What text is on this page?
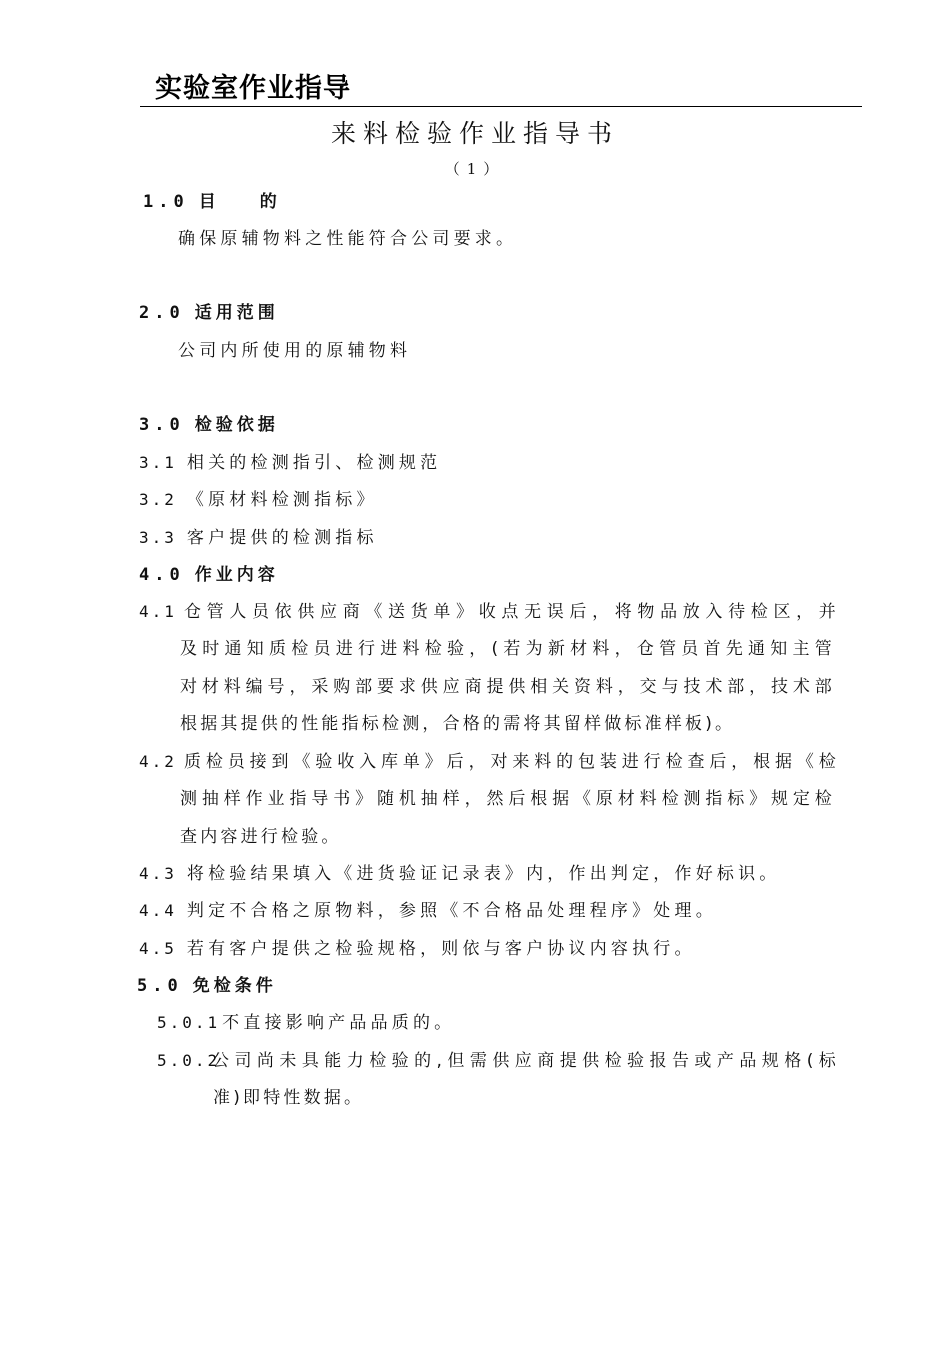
实验室作业指导
来料检验作业指导书
（1）
1.0 目 的
确保原辅物料之性能符合公司要求。
2.0 适用范围
公司内所使用的原辅物料
3.0 检验依据
3.1 相关的检测指引、检测规范
3.2 《原材料检测指标》
3.3 客户提供的检测指标
4.0 作业内容
4.1 仓管人员依供应商《送货单》收点无误后，将物品放入待检区，并
及时通知质检员进行进料检验，(若为新材料，仓管员首先通知主管
对材料编号，采购部要求供应商提供相关资料，交与技术部，技术部
根据其提供的性能指标检测，合格的需将其留样做标准样板)。
4.2 质检员接到《验收入库单》后，对来料的包装进行检查后，根据《检
测抽样作业指导书》随机抽样，然后根据《原材料检测指标》规定检
查内容进行检验。
4.3 将检验结果填入《进货验证记录表》内，作出判定，作好标识。
4.4 判定不合格之原物料，参照《不合格品处理程序》处理。
4.5 若有客户提供之检验规格，则依与客户协议内容执行。
5.0 免检条件
5.0.1 不直接影响产品品质的。
5.0.2
公司尚未具能力检验的,但需供应商提供检验报告或产品规格(标
准)即特性数据。
